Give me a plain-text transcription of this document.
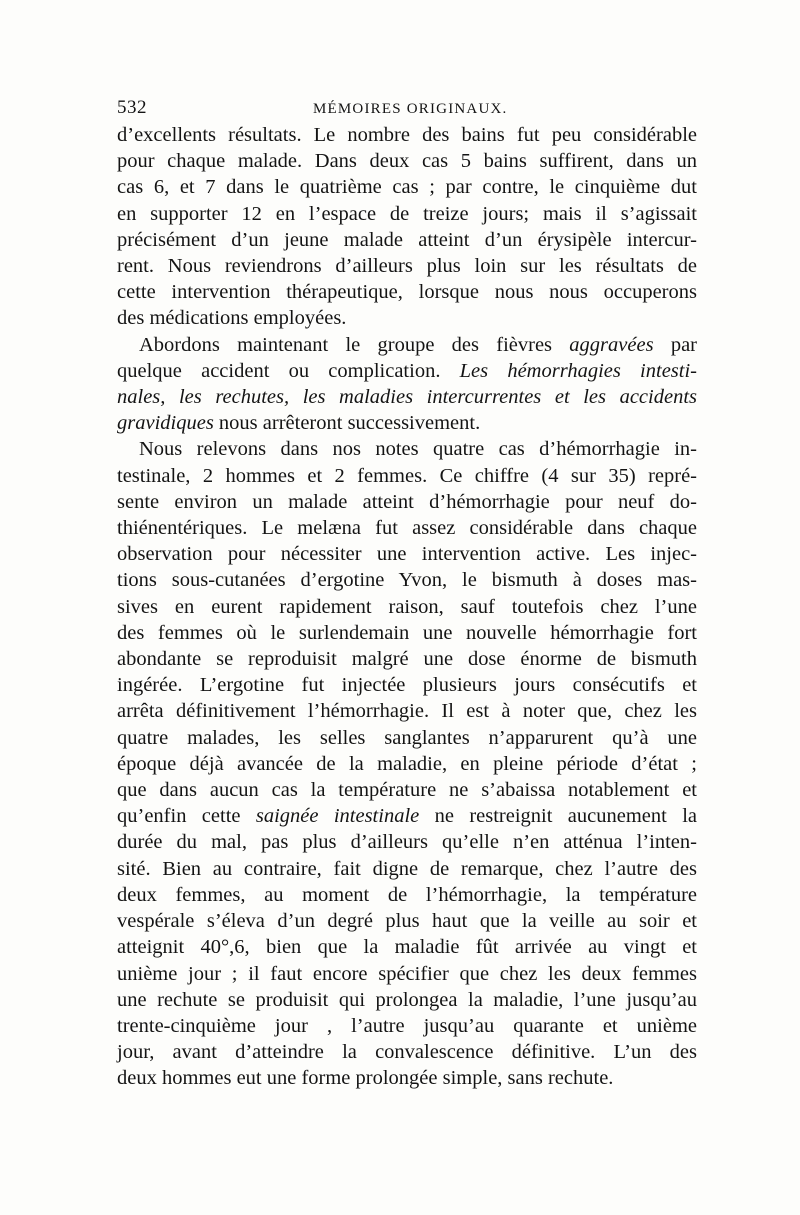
532	MÉMOIRES ORIGINAUX.

d’excellents résultats. Le nombre des bains fut peu considérable
pour chaque malade. Dans deux cas 5 bains suffirent, dans un
cas 6, et 7 dans le quatrième cas ; par contre, le cinquième dut
en supporter 12 en l’espace de treize jours; mais il s’agissait
précisément d’un jeune malade atteint d’un érysipèle intercur-
rent. Nous reviendrons d’ailleurs plus loin sur les résultats de
cette intervention thérapeutique, lorsque nous nous occuperons
des médications employées.

Abordons maintenant le groupe des fièvres aggravées par
quelque accident ou complication. Les hémorrhagies intesti-
nales, les rechutes, les maladies intercurrentes et les accidents
gravidiques nous arrêteront successivement.

Nous relevons dans nos notes quatre cas d’hémorrhagie in-
testinale, 2 hommes et 2 femmes. Ce chiffre (4 sur 35) repré-
sente environ un malade atteint d’hémorrhagie pour neuf do-
thiénentériques. Le melæna fut assez considérable dans chaque
observation pour nécessiter une intervention active. Les injec-
tions sous-cutanées d’ergotine Yvon, le bismuth à doses mas-
sives en eurent rapidement raison, sauf toutefois chez l’une
des femmes où le surlendemain une nouvelle hémorrhagie fort
abondante se reproduisit malgré une dose énorme de bismuth
ingérée. L’ergotine fut injectée plusieurs jours consécutifs et
arrêta définitivement l’hémorrhagie. Il est à noter que, chez les
quatre malades, les selles sanglantes n’apparurent qu’à une
époque déjà avancée de la maladie, en pleine période d’état ;
que dans aucun cas la température ne s’abaissa notablement et
qu’enfin cette saignée intestinale ne restreignit aucunement la
durée du mal, pas plus d’ailleurs qu’elle n’en atténua l’inten-
sité. Bien au contraire, fait digne de remarque, chez l’autre des
deux femmes, au moment de l’hémorrhagie, la température
vespérale s’éleva d’un degré plus haut que la veille au soir et
atteignit 40°,6, bien que la maladie fût arrivée au vingt et
unième jour ; il faut encore spécifier que chez les deux femmes
une rechute se produisit qui prolongea la maladie, l’une jusqu’au
trente-cinquième jour , l’autre jusqu’au quarante et unième
jour, avant d’atteindre la convalescence définitive. L’un des
deux hommes eut une forme prolongée simple, sans rechute.
